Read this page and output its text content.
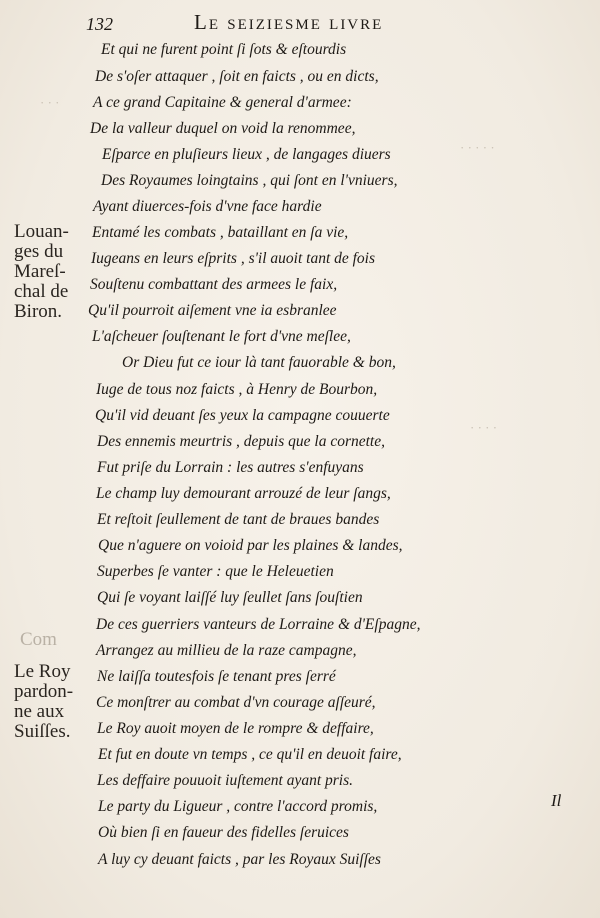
132	Le seiziesme livre
· · ·
· · · · ·
· · · ·
Et qui ne furent point ſi ſots & eſtourdis
De s'oſer attaquer , ſoit en faicts , ou en dicts,
A ce grand Capitaine & general d'armee:
De la valleur duquel on void la renommee,
Eſparce en pluſieurs lieux , de langages diuers
Des Royaumes loingtains , qui ſont en l'vniuers,
Ayant diuerces-fois d'vne face hardie
Entamé les combats , bataillant en ſa vie,
Iugeans en leurs eſprits , s'il auoit tant de fois
Souſtenu combattant des armees le faix,
Qu'il pourroit aiſement vne ia esbranlee
L'aſcheuer ſouſtenant le fort d'vne meſlee,
Or Dieu fut ce iour là tant fauorable & bon,
Iuge de tous noz faicts , à Henry de Bourbon,
Qu'il vid deuant ſes yeux la campagne couuerte
Des ennemis meurtris , depuis que la cornette,
Fut priſe du Lorrain : les autres s'enfuyans
Le champ luy demourant arrouzé de leur ſangs,
Et reſtoit ſeullement de tant de braues bandes
Que n'aguere on voioid par les plaines & landes,
Superbes ſe vanter : que le Heleuetien
Qui ſe voyant laiſſé luy ſeullet ſans ſouſtien
De ces guerriers vanteurs de Lorraine & d'Eſpagne,
Arrangez au millieu de la raze campagne,
Ne laiſſa toutesfois ſe tenant pres ſerré
Ce monſtrer au combat d'vn courage aſſeuré,
Le Roy auoit moyen de le rompre & deffaire,
Et fut en doute vn temps , ce qu'il en deuoit faire,
Les deffaire pouuoit iuſtement ayant pris.
Le party du Ligueur , contre l'accord promis,
Où bien ſi en faueur des fidelles ſeruices
A luy cy deuant faicts , par les Royaux Suiſſes
Louan-
ges du
Mareſ-
chal de
Biron.
Com
Le Roy
pardon-
ne aux
Suiſſes.
Il
